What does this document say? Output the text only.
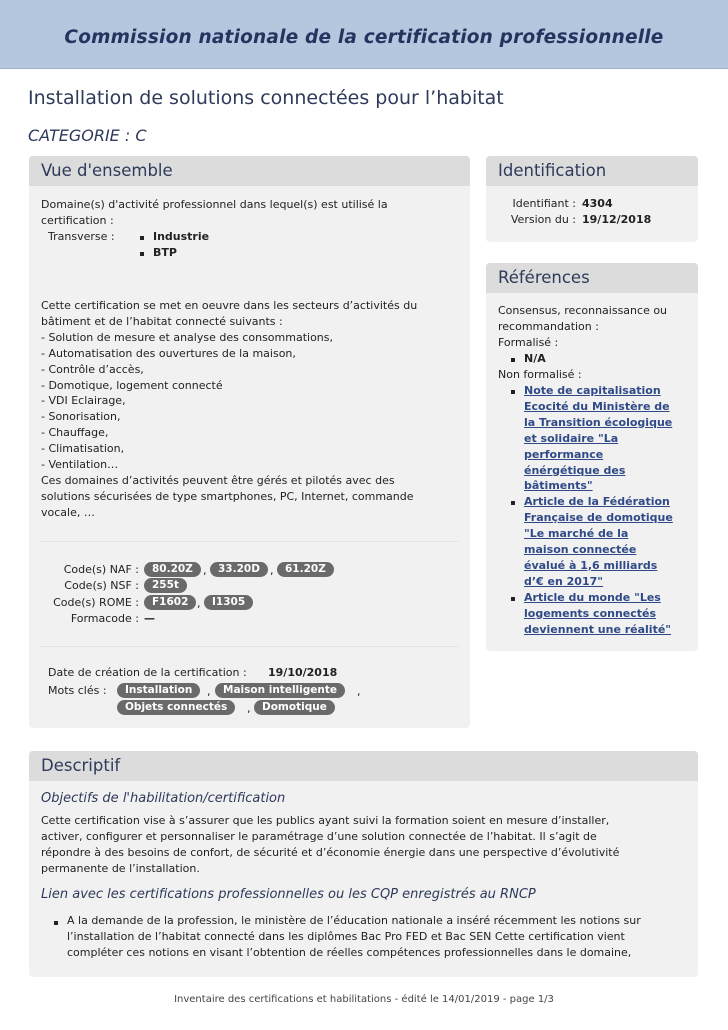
Commission nationale de la certification professionnelle
Installation de solutions connectées pour l’habitat
CATEGORIE : C
Vue d'ensemble
Domaine(s) d'activité professionnel dans lequel(s) est utilisé la
certification :
Transverse :	Industrie
BTP
Cette certification se met en oeuvre dans les secteurs d’activités du
bâtiment et de l’habitat connecté suivants :
- Solution de mesure et analyse des consommations,
- Automatisation des ouvertures de la maison,
- Contrôle d’accès,
- Domotique, logement connecté
- VDI Eclairage,
- Sonorisation,
- Chauffage,
- Climatisation,
- Ventilation…
Ces domaines d’activités peuvent être gérés et pilotés avec des
solutions sécurisées de type smartphones, PC, Internet, commande
vocale, …
Code(s) NAF :	80.20Z ,	33.20D ,	61.20Z
Code(s) NSF :	255t
Code(s) ROME :	F1602 ,	I1305
Formacode : —
Date de création de la certification : 19/10/2018
Mots clés :	Installation	,	Maison intelligente	,
Objets connectés	,	Domotique
Identification
Identifiant : 4304
Version du : 19/12/2018
Références
Consensus, reconnaissance ou
recommandation :
Formalisé :
N/A
Non formalisé :
Note de capitalisation
Ecocité du Ministère de
la Transition écologique
et solidaire "La
performance
énérgétique des
bâtiments"
Article de la Fédération
Française de domotique
"Le marché de la
maison connectée
évalué à 1,6 milliards
d’€ en 2017"
Article du monde "Les
logements connectés
deviennent une réalité"
Descriptif
Objectifs de l'habilitation/certification
Cette certification vise à s’assurer que les publics ayant suivi la formation soient en mesure d’installer,
activer, configurer et personnaliser le paramétrage d’une solution connectée de l’habitat. Il s’agit de
répondre à des besoins de confort, de sécurité et d’économie énergie dans une perspective d’évolutivité
permanente de l’installation.
Lien avec les certifications professionnelles ou les CQP enregistrés au RNCP
A la demande de la profession, le ministère de l’éducation nationale a inséré récemment les notions sur
l’installation de l’habitat connecté dans les diplômes Bac Pro FED et Bac SEN Cette certification vient
compléter ces notions en visant l’obtention de réelles compétences professionnelles dans le domaine,
Inventaire des certifications et habilitations - édité le 14/01/2019 - page 1/3
